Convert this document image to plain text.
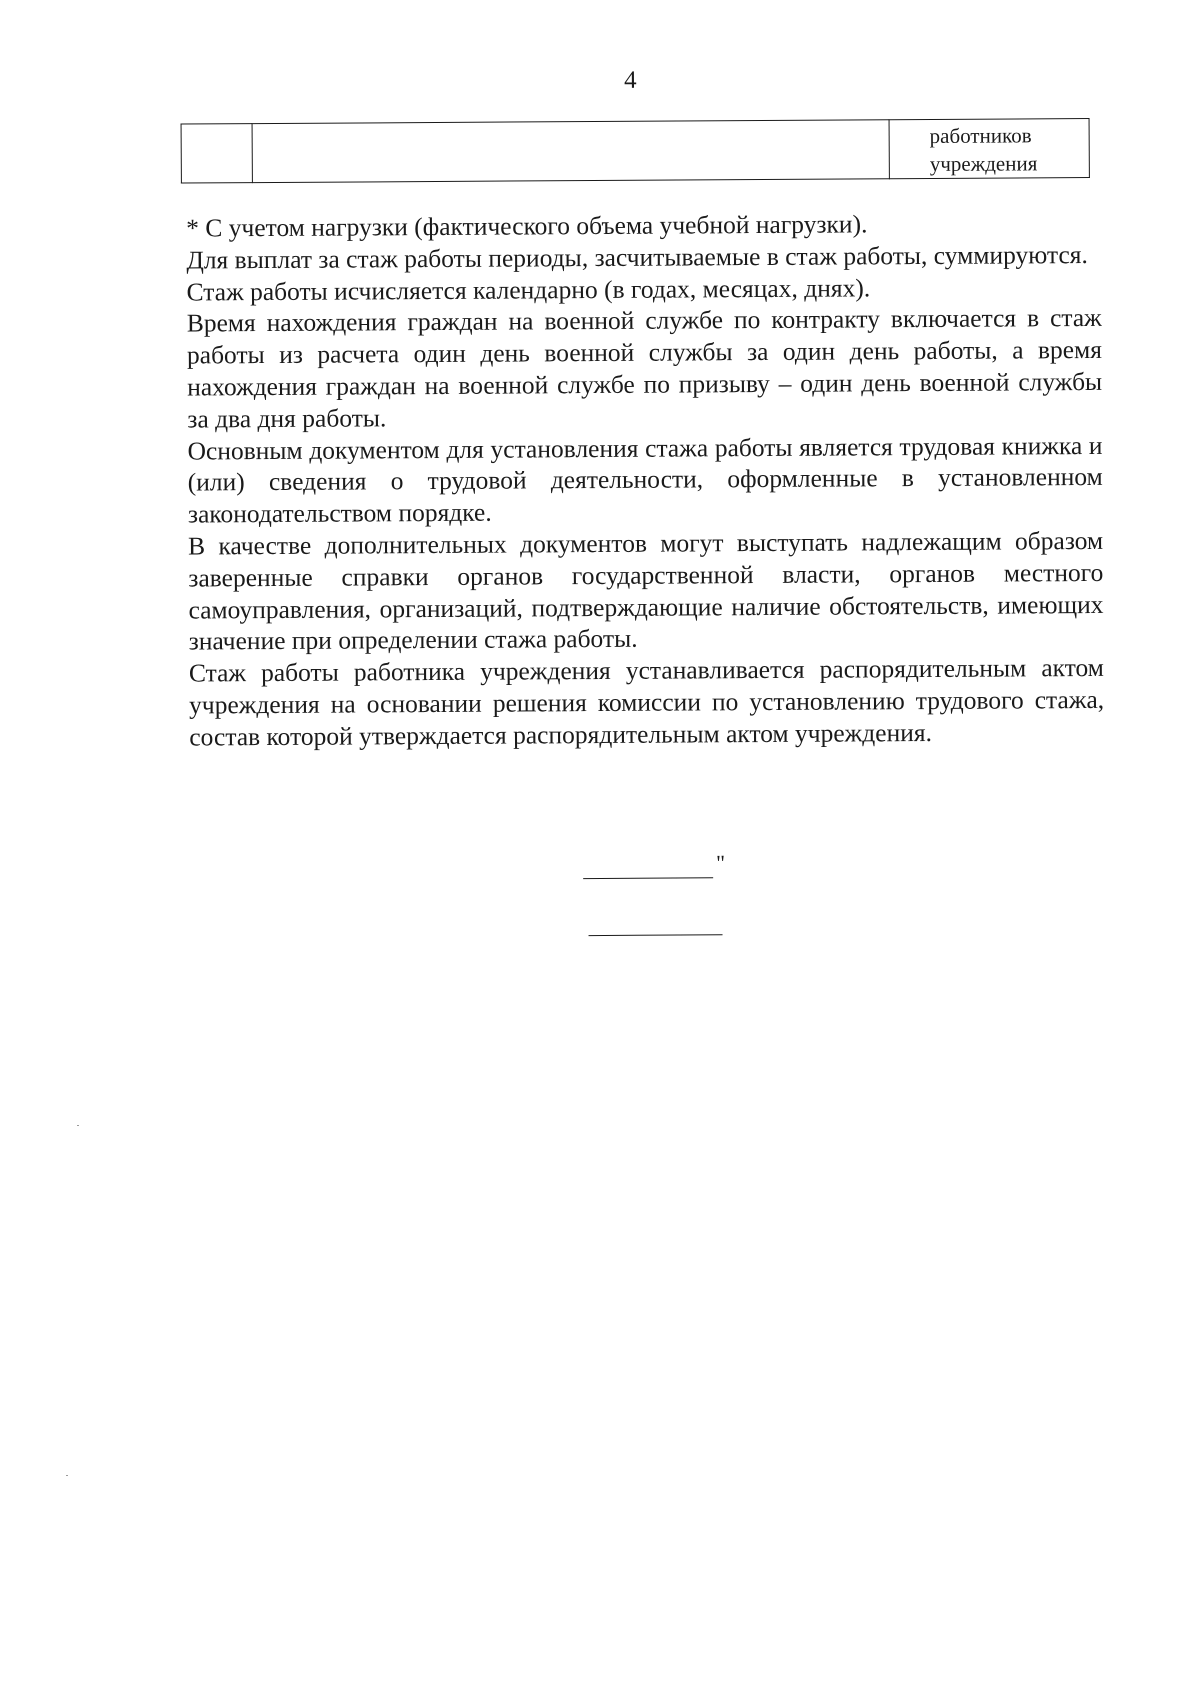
4

работников
учреждения

* С учетом нагрузки (фактического объема учебной нагрузки).

Для выплат за стаж работы периоды, засчитываемые в стаж работы, суммируются.

Стаж работы исчисляется календарно (в годах, месяцах, днях).

Время нахождения граждан на военной службе по контракту включается в стаж работы из расчета один день военной службы за один день работы, а время нахождения граждан на военной службе по призыву – один день военной службы за два дня работы.

Основным документом для установления стажа работы является трудовая книжка и (или) сведения о трудовой деятельности, оформленные в установленном законодательством порядке.

В качестве дополнительных документов могут выступать надлежащим образом заверенные справки органов государственной власти, органов местного самоуправления, организаций, подтверждающие наличие обстоятельств, имеющих значение при определении стажа работы.

Стаж работы работника учреждения устанавливается распорядительным актом учреждения на основании решения комиссии по установлению трудового стажа, состав которой утверждается распорядительным актом учреждения.

"
